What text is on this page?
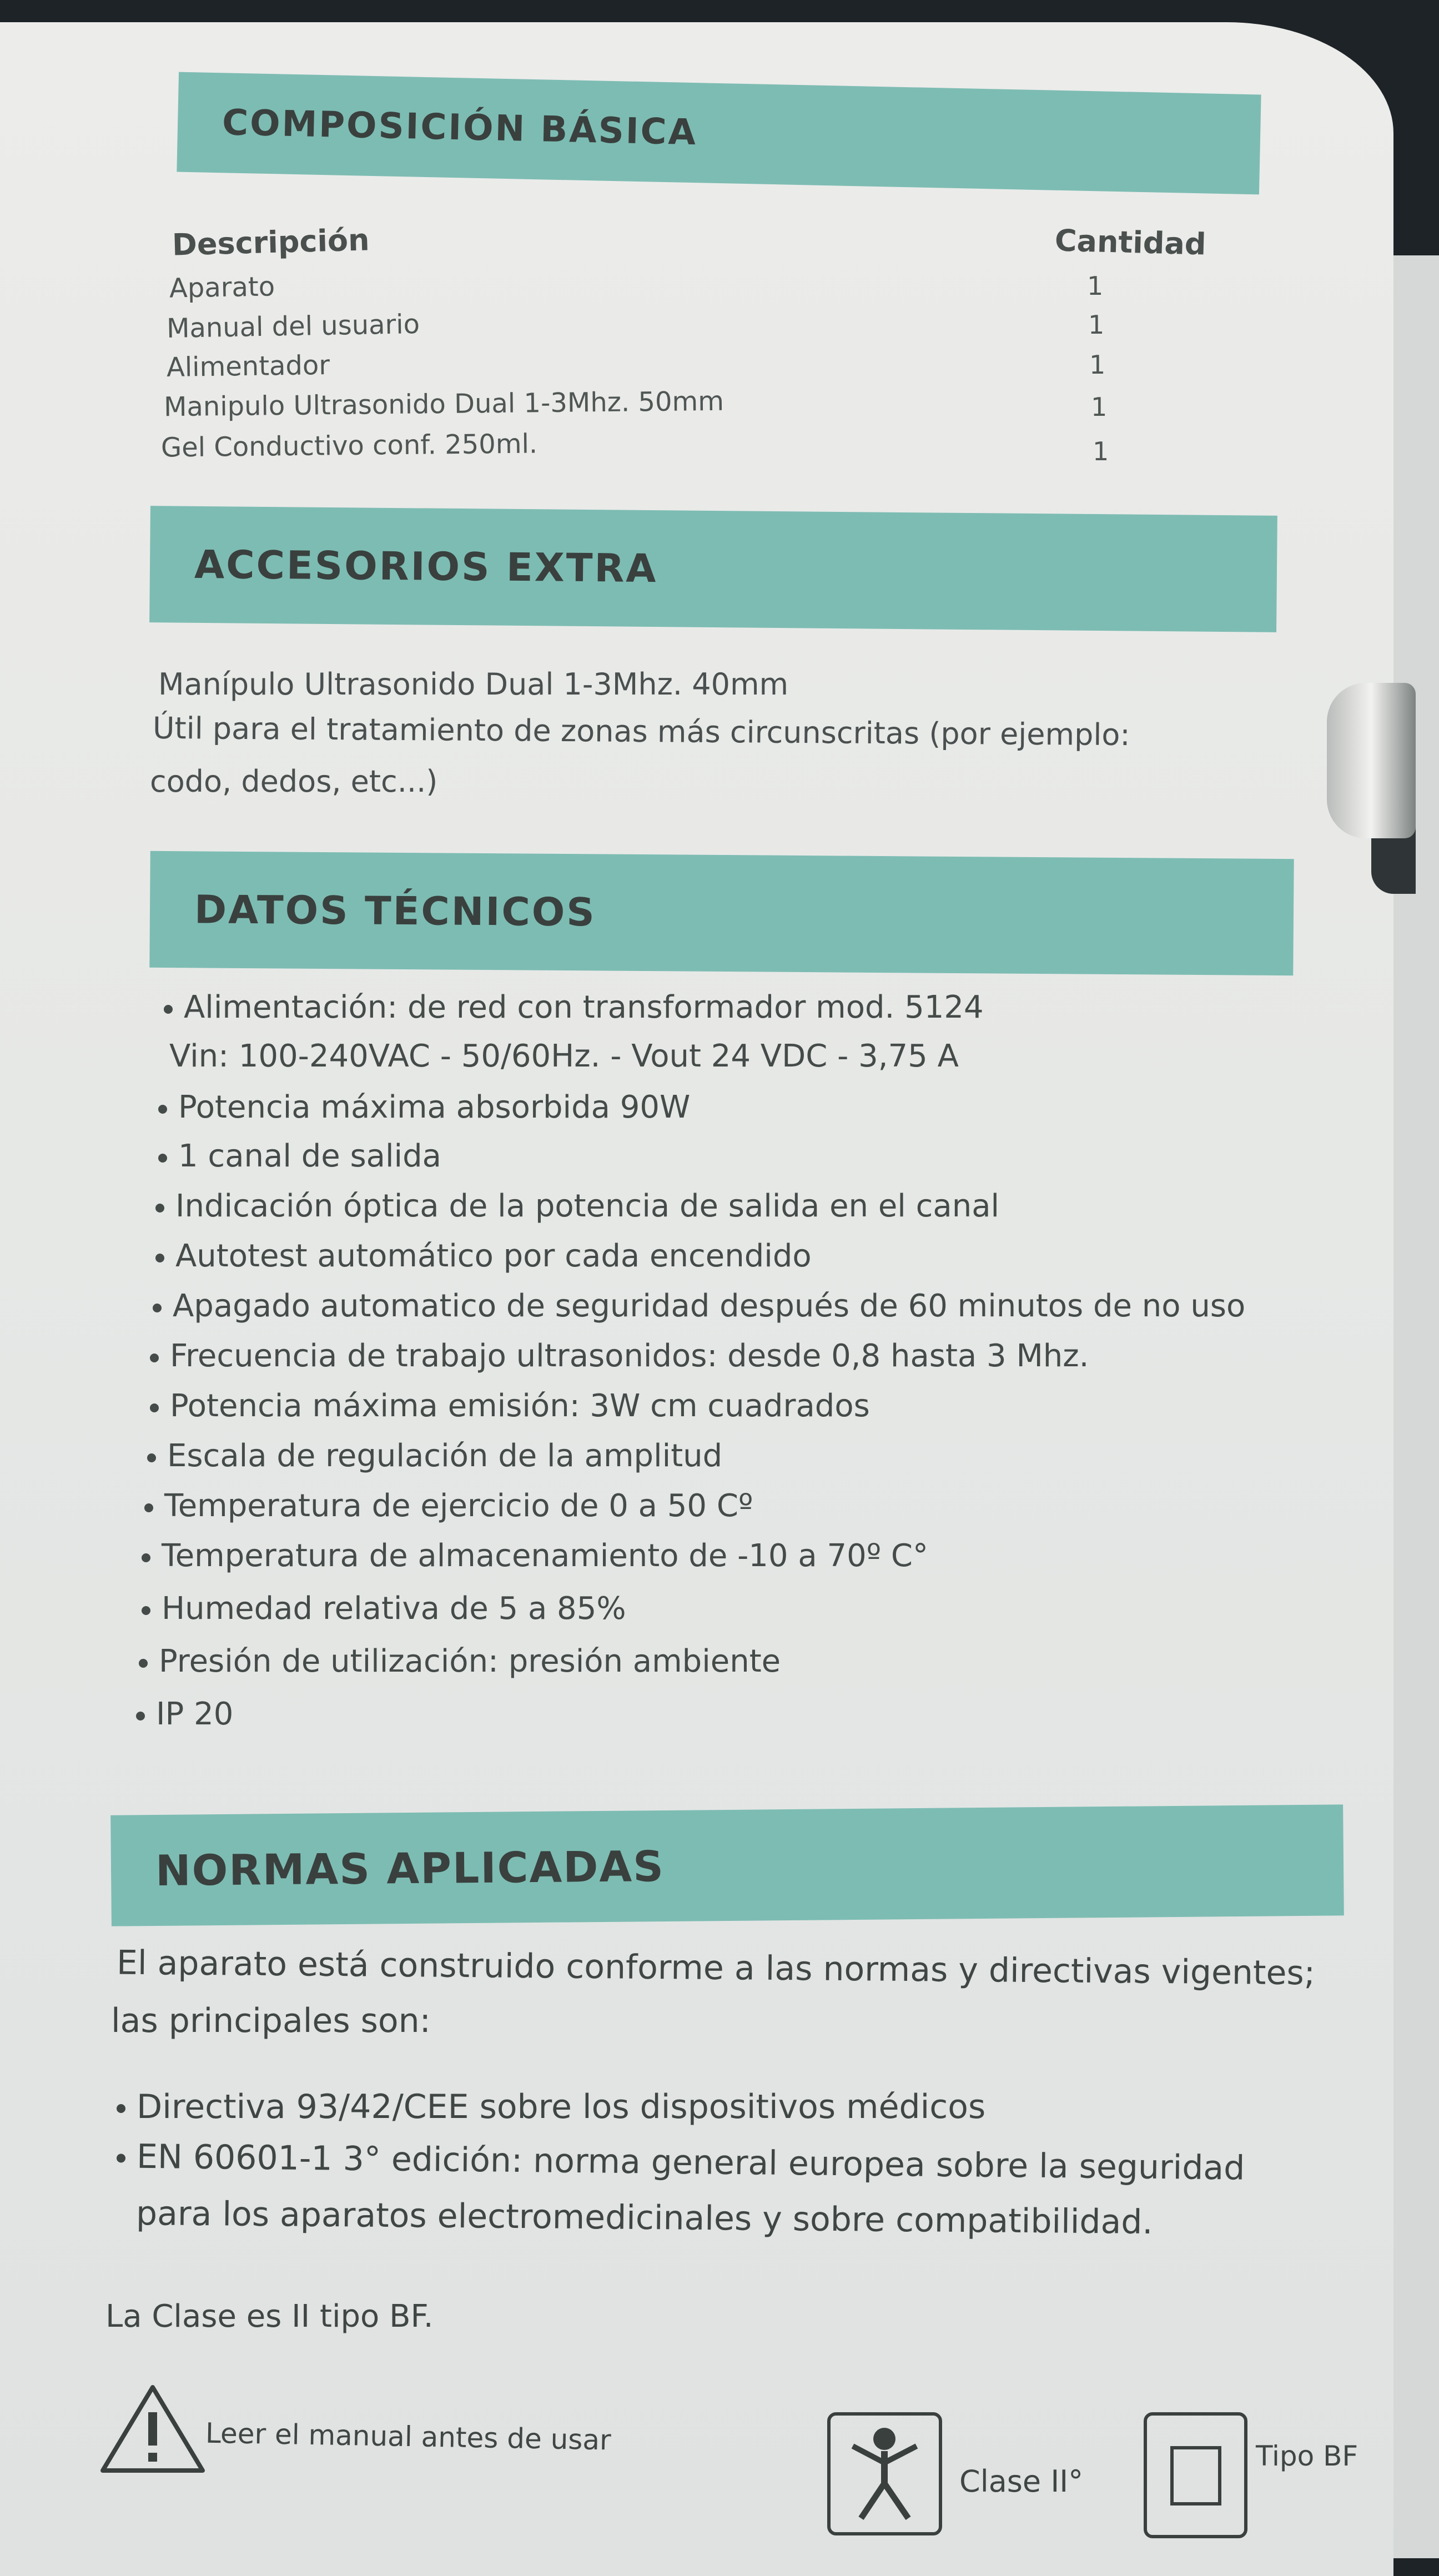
COMPOSICIÓN BÁSICA
Descripción	Cantidad
Aparato	1
Manual del usuario	1
Alimentador	1
Manipulo Ultrasonido Dual 1-3Mhz. 50mm	1
Gel Conductivo conf. 250ml.	1
ACCESORIOS EXTRA
Manípulo Ultrasonido Dual 1-3Mhz. 40mm
Útil para el tratamiento de zonas más circunscritas (por ejemplo:
codo, dedos, etc...)
DATOS TÉCNICOS
Alimentación: de red con transformador mod. 5124
Vin: 100-240VAC - 50/60Hz. - Vout 24 VDC - 3,75 A
Potencia máxima absorbida 90W
1 canal de salida
Indicación óptica de la potencia de salida en el canal
Autotest automático por cada encendido
Apagado automatico de seguridad después de 60 minutos de no uso
Frecuencia de trabajo ultrasonidos: desde 0,8 hasta 3 Mhz.
Potencia máxima emisión: 3W cm cuadrados
Escala de regulación de la amplitud
Temperatura de ejercicio de 0 a 50 Cº
Temperatura de almacenamiento de -10 a 70º C°
Humedad relativa de 5 a 85%
Presión de utilización: presión ambiente
IP 20
NORMAS APLICADAS
El aparato está construido conforme a las normas y directivas vigentes;
las principales son:
Directiva 93/42/CEE sobre los dispositivos médicos
EN 60601-1 3° edición: norma general europea sobre la seguridad
para los aparatos electromedicinales y sobre compatibilidad.
La Clase es II tipo BF.
Leer el manual antes de usar
Clase II°
Tipo BF
